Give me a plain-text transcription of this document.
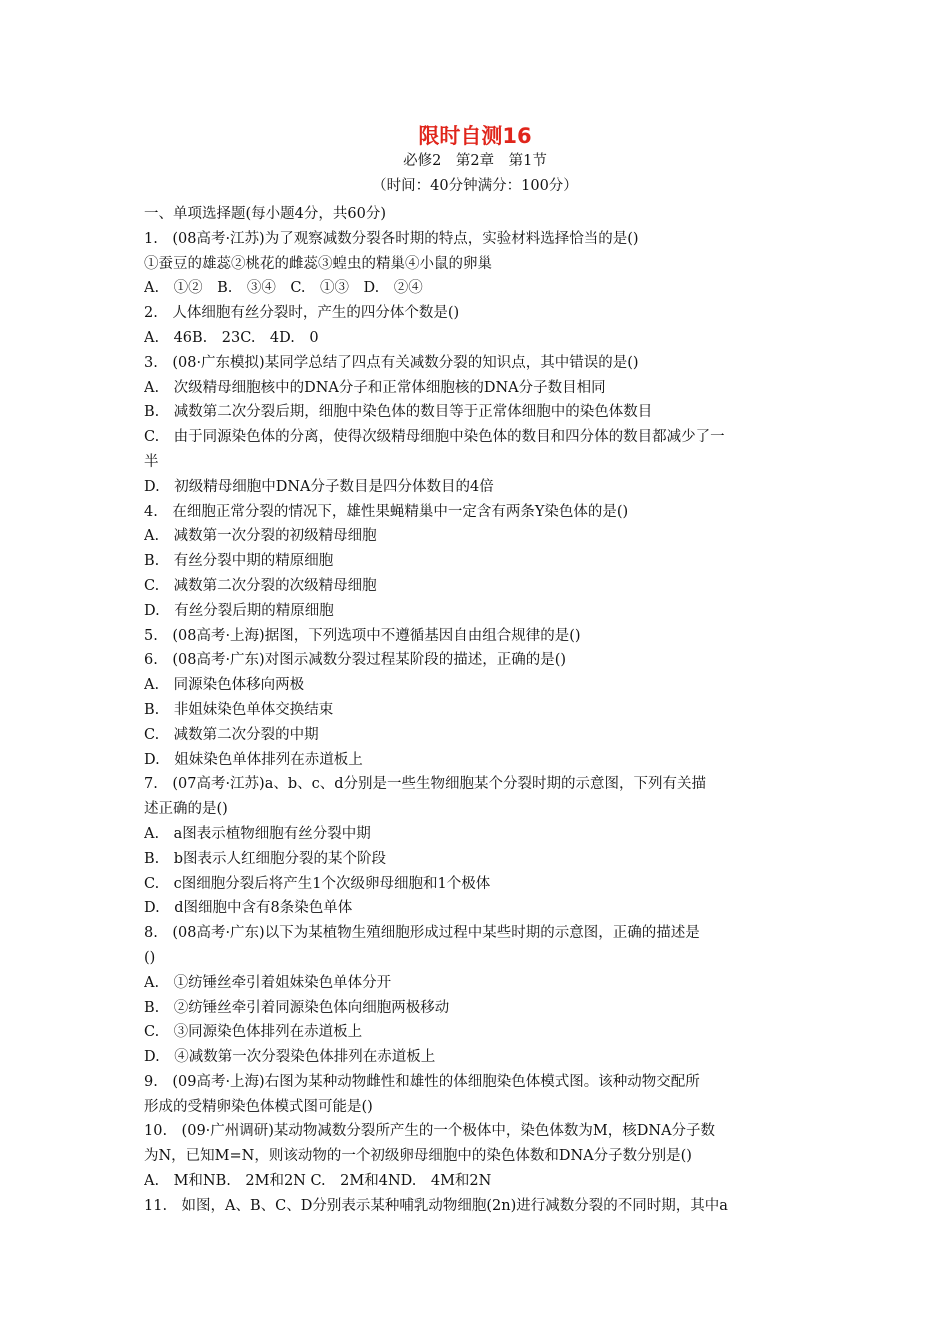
限时自测16
必修2　第2章　第1节
（时间：40分钟满分：100分）
一、单项选择题(每小题4分，共60分)
1.　(08高考·江苏)为了观察减数分裂各时期的特点，实验材料选择恰当的是()
①蚕豆的雄蕊②桃花的雌蕊③蝗虫的精巢④小鼠的卵巢
A.　①②　B.　③④　C.　①③　D.　②④
2.　人体细胞有丝分裂时，产生的四分体个数是()
A.　46B.　23C.　4D.　0
3.　(08·广东模拟)某同学总结了四点有关减数分裂的知识点，其中错误的是()
A.　次级精母细胞核中的DNA分子和正常体细胞核的DNA分子数目相同
B.　减数第二次分裂后期，细胞中染色体的数目等于正常体细胞中的染色体数目
C.　由于同源染色体的分离，使得次级精母细胞中染色体的数目和四分体的数目都减少了一
半
D.　初级精母细胞中DNA分子数目是四分体数目的4倍
4.　在细胞正常分裂的情况下，雄性果蝇精巢中一定含有两条Y染色体的是()
A.　减数第一次分裂的初级精母细胞
B.　有丝分裂中期的精原细胞
C.　减数第二次分裂的次级精母细胞
D.　有丝分裂后期的精原细胞
5.　(08高考·上海)据图，下列选项中不遵循基因自由组合规律的是()
6.　(08高考·广东)对图示减数分裂过程某阶段的描述，正确的是()
A.　同源染色体移向两极
B.　非姐妹染色单体交换结束
C.　减数第二次分裂的中期
D.　姐妹染色单体排列在赤道板上
7.　(07高考·江苏)a、b、c、d分别是一些生物细胞某个分裂时期的示意图，下列有关描
述正确的是()
A.　a图表示植物细胞有丝分裂中期
B.　b图表示人红细胞分裂的某个阶段
C.　c图细胞分裂后将产生1个次级卵母细胞和1个极体
D.　d图细胞中含有8条染色单体
8.　(08高考·广东)以下为某植物生殖细胞形成过程中某些时期的示意图，正确的描述是
()
A.　①纺锤丝牵引着姐妹染色单体分开
B.　②纺锤丝牵引着同源染色体向细胞两极移动
C.　③同源染色体排列在赤道板上
D.　④减数第一次分裂染色体排列在赤道板上
9.　(09高考·上海)右图为某种动物雌性和雄性的体细胞染色体模式图。该种动物交配所
形成的受精卵染色体模式图可能是()
10.　(09·广州调研)某动物减数分裂所产生的一个极体中，染色体数为M，核DNA分子数
为N，已知M=N，则该动物的一个初级卵母细胞中的染色体数和DNA分子数分别是()
A.　M和NB.　2M和2N C.　2M和4ND.　4M和2N
11.　如图，A、B、C、D分别表示某种哺乳动物细胞(2n)进行减数分裂的不同时期，其中a
